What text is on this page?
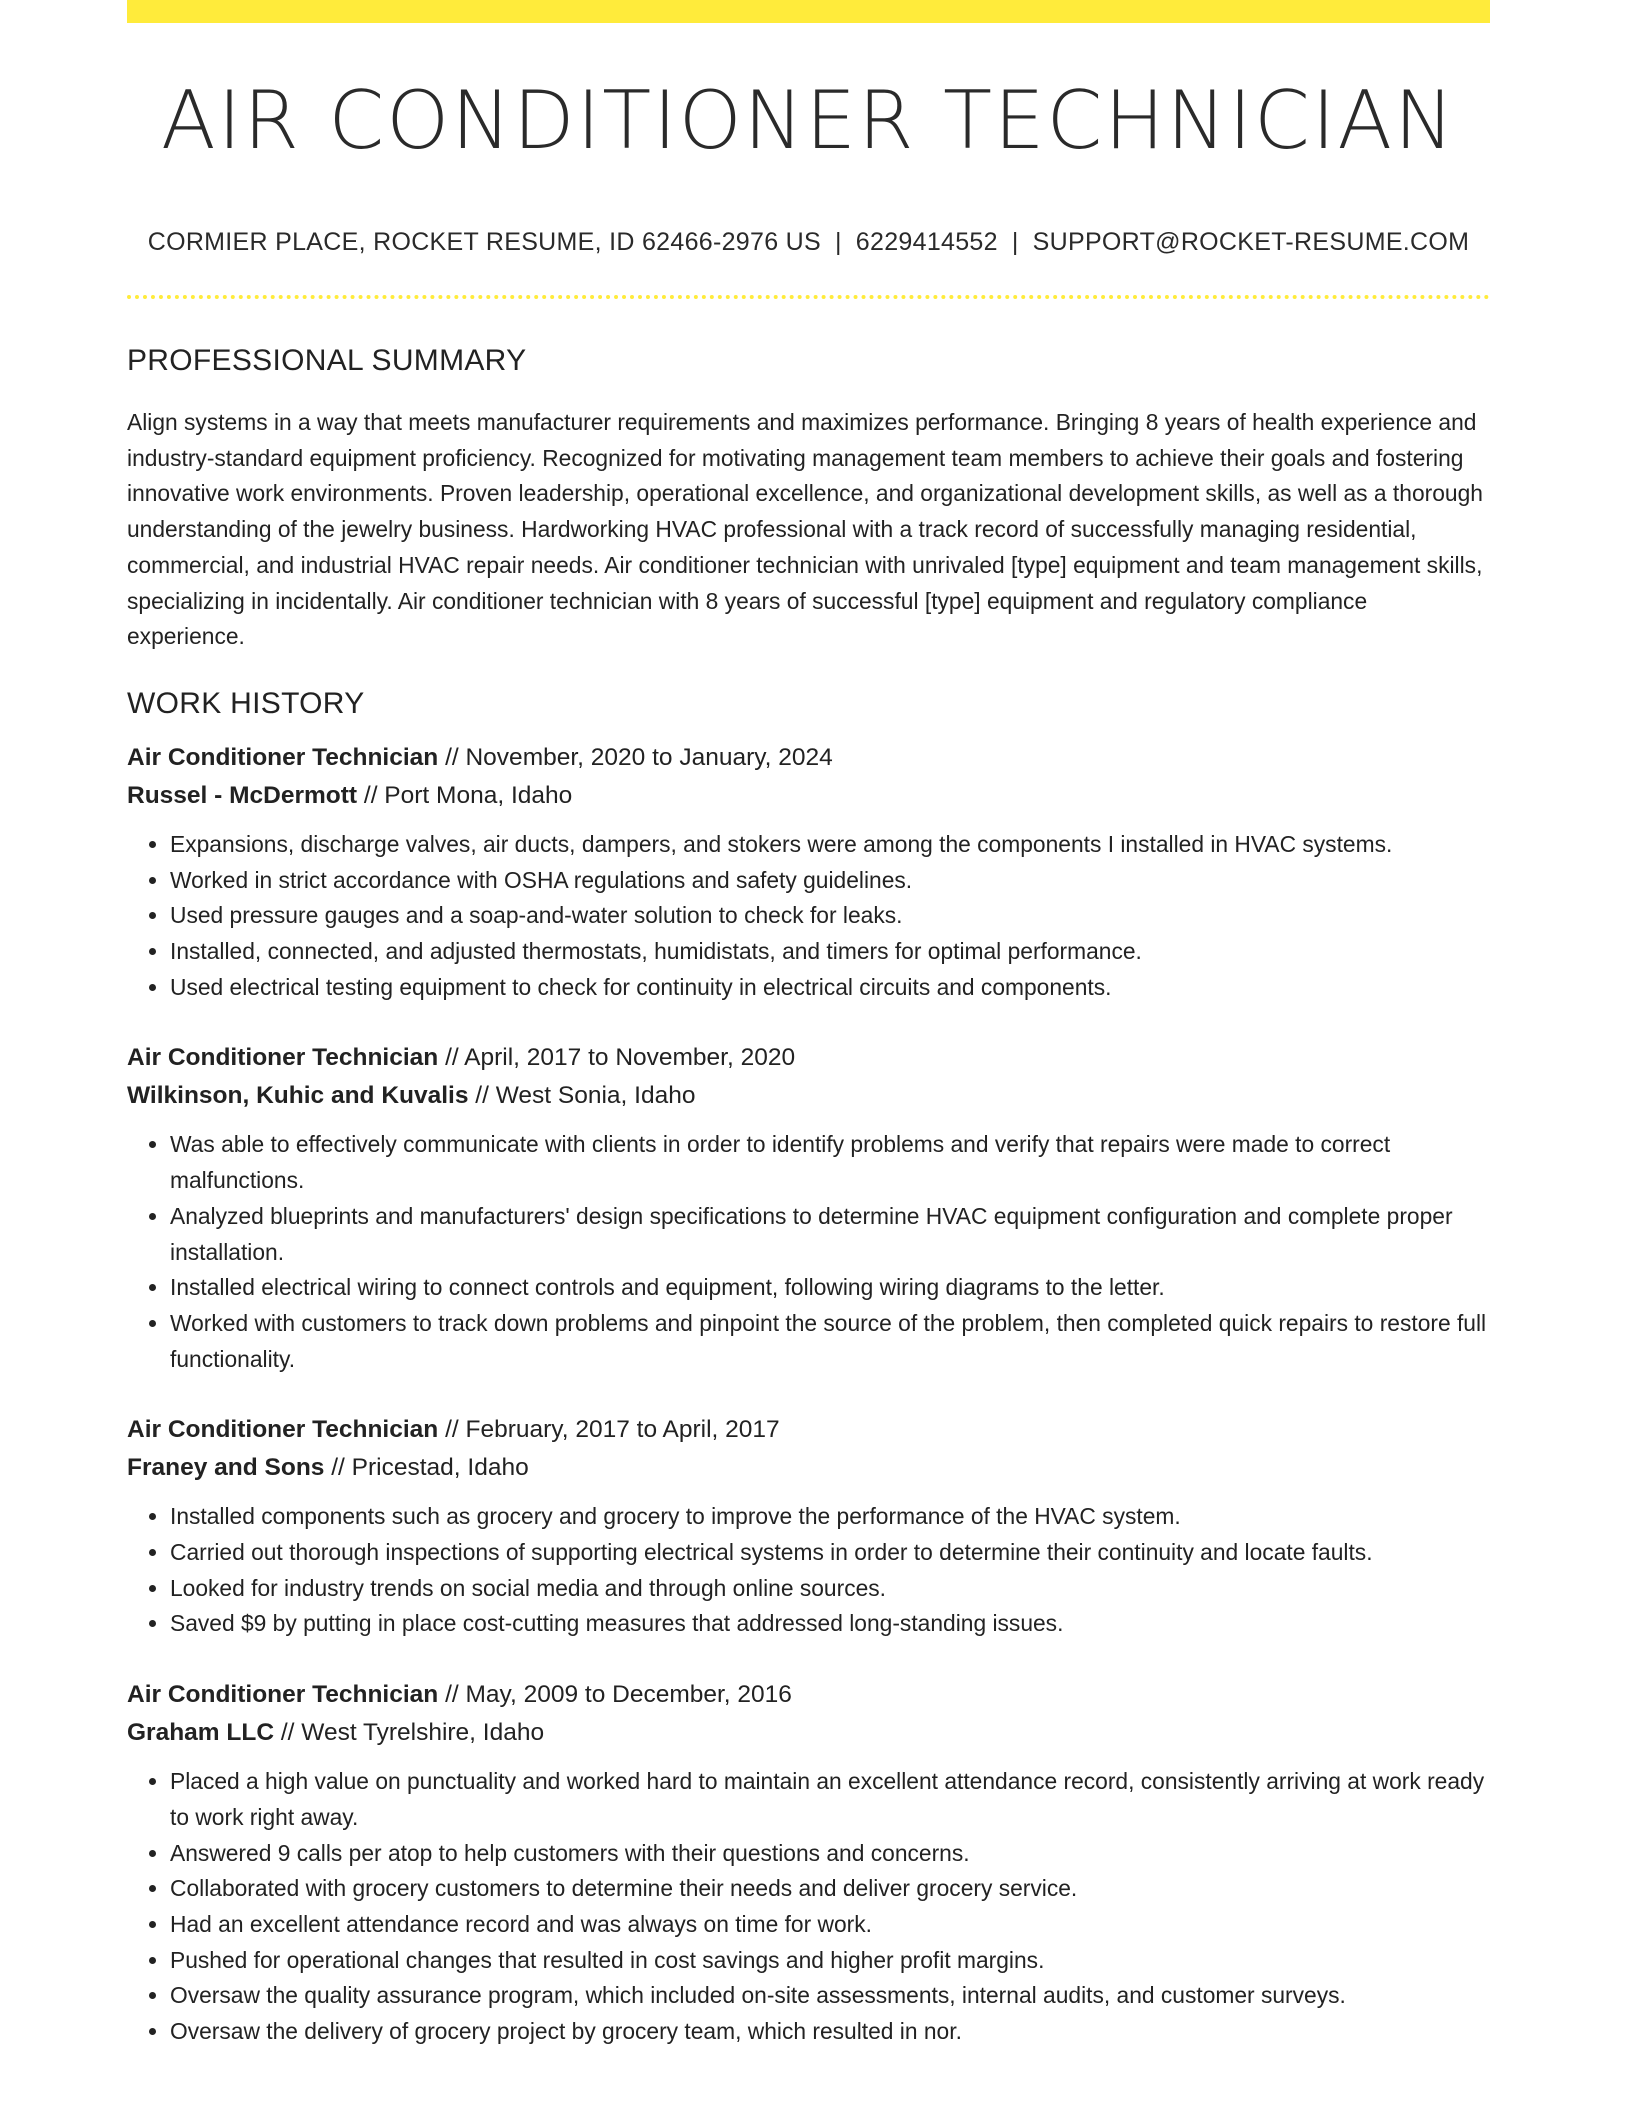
AIR CONDITIONER TECHNICIAN
CORMIER PLACE, ROCKET RESUME, ID 62466-2976 US | 6229414552 | SUPPORT@ROCKET-RESUME.COM
PROFESSIONAL SUMMARY

Align systems in a way that meets manufacturer requirements and maximizes performance. Bringing 8 years of health experience and industry-standard equipment proficiency. Recognized for motivating management team members to achieve their goals and fostering innovative work environments. Proven leadership, operational excellence, and organizational development skills, as well as a thorough understanding of the jewelry business. Hardworking HVAC professional with a track record of successfully managing residential, commercial, and industrial HVAC repair needs. Air conditioner technician with unrivaled [type] equipment and team management skills, specializing in incidentally. Air conditioner technician with 8 years of successful [type] equipment and regulatory compliance experience.

WORK HISTORY
Air Conditioner Technician // November, 2020 to January, 2024
Russel - McDermott // Port Mona, Idaho
• Expansions, discharge valves, air ducts, dampers, and stokers were among the components I installed in HVAC systems.
• Worked in strict accordance with OSHA regulations and safety guidelines.
• Used pressure gauges and a soap-and-water solution to check for leaks.
• Installed, connected, and adjusted thermostats, humidistats, and timers for optimal performance.
• Used electrical testing equipment to check for continuity in electrical circuits and components.
Air Conditioner Technician // April, 2017 to November, 2020
Wilkinson, Kuhic and Kuvalis // West Sonia, Idaho
• Was able to effectively communicate with clients in order to identify problems and verify that repairs were made to correct malfunctions.
• Analyzed blueprints and manufacturers' design specifications to determine HVAC equipment configuration and complete proper installation.
• Installed electrical wiring to connect controls and equipment, following wiring diagrams to the letter.
• Worked with customers to track down problems and pinpoint the source of the problem, then completed quick repairs to restore full functionality.
Air Conditioner Technician // February, 2017 to April, 2017
Franey and Sons // Pricestad, Idaho
• Installed components such as grocery and grocery to improve the performance of the HVAC system.
• Carried out thorough inspections of supporting electrical systems in order to determine their continuity and locate faults.
• Looked for industry trends on social media and through online sources.
• Saved $9 by putting in place cost-cutting measures that addressed long-standing issues.
Air Conditioner Technician // May, 2009 to December, 2016
Graham LLC // West Tyrelshire, Idaho
• Placed a high value on punctuality and worked hard to maintain an excellent attendance record, consistently arriving at work ready to work right away.
• Answered 9 calls per atop to help customers with their questions and concerns.
• Collaborated with grocery customers to determine their needs and deliver grocery service.
• Had an excellent attendance record and was always on time for work.
• Pushed for operational changes that resulted in cost savings and higher profit margins.
• Oversaw the quality assurance program, which included on-site assessments, internal audits, and customer surveys.
• Oversaw the delivery of grocery project by grocery team, which resulted in nor.
